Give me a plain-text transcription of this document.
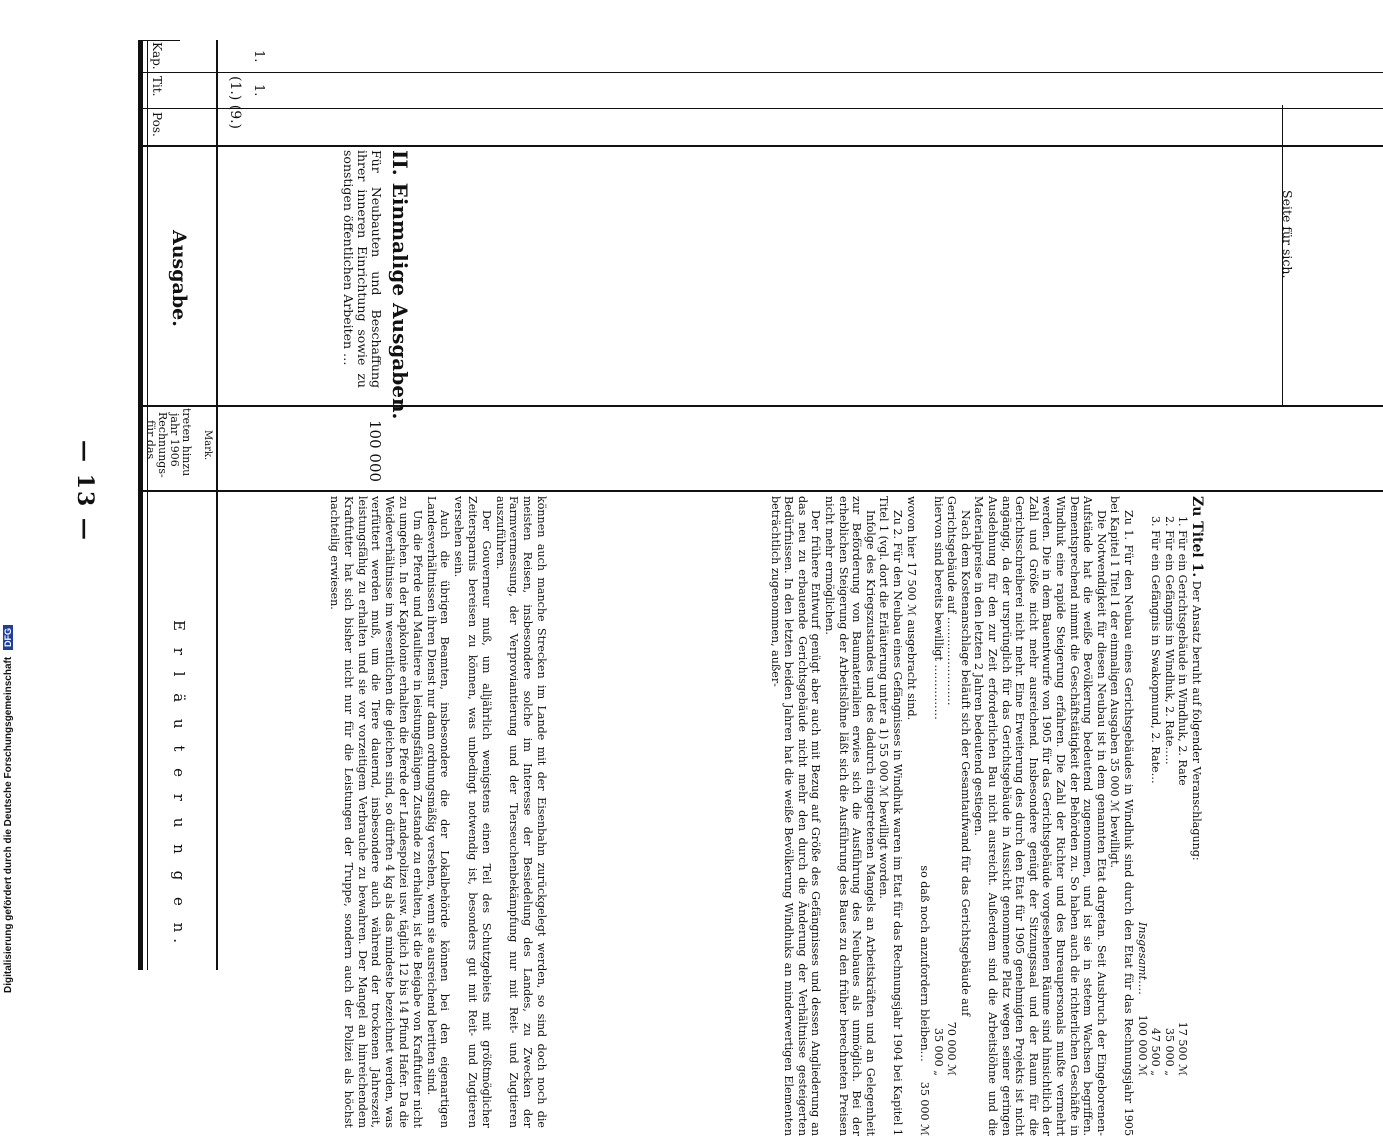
— 13 —
Kap.
Tit.
Pos.
Ausgabe.
für das Rechnungs- jahr 1906 treten hinzu Mark.
E r l ä u t e r u n g e n.
(1.) (9.)

können auch manche Strecken im Lande mit der Eisenbahn zurückgelegt werden, so sind doch noch die meisten Reisen, insbesondere solche im Interesse der Besiedelung des Landes, zu Zwecken der Farmvermessung, der Verproviantierung und der Tierseuchenbekämpfung nur mit Reit- und Zugtieren auszuführen.

Der Gouverneur muß, um alljährlich wenigstens einen Teil des Schutzgebiets mit größtmöglicher Zeitersparnis bereisen zu können, was unbedingt notwendig ist, besonders gut mit Reit- und Zugtieren versehen sein.

Auch die übrigen Beamten, insbesondere die der Lokalbehörde können bei den eigenartigen Landesverhältnissen ihren Dienst nur dann ordnungsmäßig versehen, wenn sie ausreichend beritten sind.

Um die Pferde und Maultiere in leistungsfähigem Zustande zu erhalten, ist die Beigabe von Kraftfutter nicht zu umgehen. In der Kapkolonie erhalten die Pferde der Landespolizei usw. täglich 12 bis 14 Pfund Hafer. Da die Weideverhältnisse im wesentlichen die gleichen sind, so dürften 4 kg als das mindeste bezeichnet werden, was verfüttert werden muß, um die Tiere dauernd, insbesondere auch während der trockenen Jahreszeit, leistungsfähig zu erhalten und sie vor vorzeitigem Verbrauche zu bewahren. Der Mangel an hinreichendem Kraftfutter hat sich bisher nicht nur für die Leistungen der Truppe, sondern auch der Polizei als höchst nachteilig erwiesen.

II. Einmalige Ausgaben.
1.
1.
Für Neubauten und Beschaffung ihrer inneren Einrichtung sowie zu sonstigen öffentlichen Arbeiten …
100 000
Seite für sich.

Zu Titel 1. Der Ansatz beruht auf folgender Veranschlagung:

1. Für ein Gerichtsgebäude in Windhuk, 2. Rate
17 500 ℳ
2. Für ein Gefängnis in Windhuk, 2. Rate…..
35 000 „
3. Für ein Gefängnis in Swakopmund, 2. Rate…
47 500 „
Insgesamt….
100 000 ℳ

Zu 1. Für den Neubau eines Gerichtsgebäudes in Windhuk sind durch den Etat für das Rechnungsjahr 1905 bei Kapitel 1 Titel 1 der einmaligen Ausgaben 35 000 ℳ bewilligt.

Die Notwendigkeit für diesen Neubau ist in dem genannten Etat dargetan. Seit Ausbruch der Eingeborenen-Aufstände hat die weiße Bevölkerung bedeutend zugenommen, und ist sie in stetem Wachsen begriffen. Dementsprechend nimmt die Geschäftstätigkeit der Behörden zu. So haben auch die richterlichen Geschäfte in Windhuk eine rapide Steigerung erfahren. Die Zahl der Richter und des Bureaupersonals mußte vermehrt werden. Die in dem Bauentwurfe von 1905 für das Gerichtsgebäude vorgesehenen Räume sind hinsichtlich der Zahl und Größe nicht mehr ausreichend. Insbesondere genügt der Sitzungssaal und der Raum für die Gerichtsschreiberei nicht mehr. Eine Erweiterung des durch den Etat für 1905 genehmigten Projekts ist nicht angängig, da der ursprünglich für das Gerichtsgebäude in Aussicht genommene Platz wegen seiner geringen Ausdehnung für den zur Zeit erforderlichen Bau nicht ausreicht. Außerdem sind die Arbeitslöhne und die Materialpreise in den letzten 2 Jahren bedeutend gestiegen.

Nach dem Kostenanschlage beläuft sich der Gesamtaufwand für das Gerichtsgebäude auf

Gerichtsgebäude auf ……………………
70 000 ℳ
hiervon sind bereits bewilligt ……………
35 000 „
so daß noch anzufordern bleiben…
35 000 ℳ

wovon hier 17 500 ℳ ausgebracht sind.

Zu 2. Für den Neubau eines Gefängnisses in Windhuk waren im Etat für das Rechnungsjahr 1904 bei Kapitel 1 Titel 1 (vgl. dort die Erläuterung unter a 1) 55 000 ℳ bewilligt worden.

Infolge des Kriegszustandes und des dadurch eingetretenen Mangels an Arbeitskräften und an Gelegenheit zur Beförderung von Baumaterialien erwies sich die Ausführung des Neubaues als unmöglich. Bei der erheblichen Steigerung der Arbeitslöhne läßt sich die Ausführung des Baues zu den früher berechneten Preisen nicht mehr ermöglichen.

Der frühere Entwurf genügt aber auch mit Bezug auf Größe des Gefängnisses und dessen Angliederung an das neu zu erbauende Gerichtsgebäude nicht mehr den durch die Änderung der Verhältnisse gesteigerten Bedürfnissen. In den letzten beiden Jahren hat die weiße Bevölkerung Windhuks an minderwertigen Elementen beträchtlich zugenommen, außer-

Digitalisierung gefördert durch die Deutsche Forschungsgemeinschaft DFG
